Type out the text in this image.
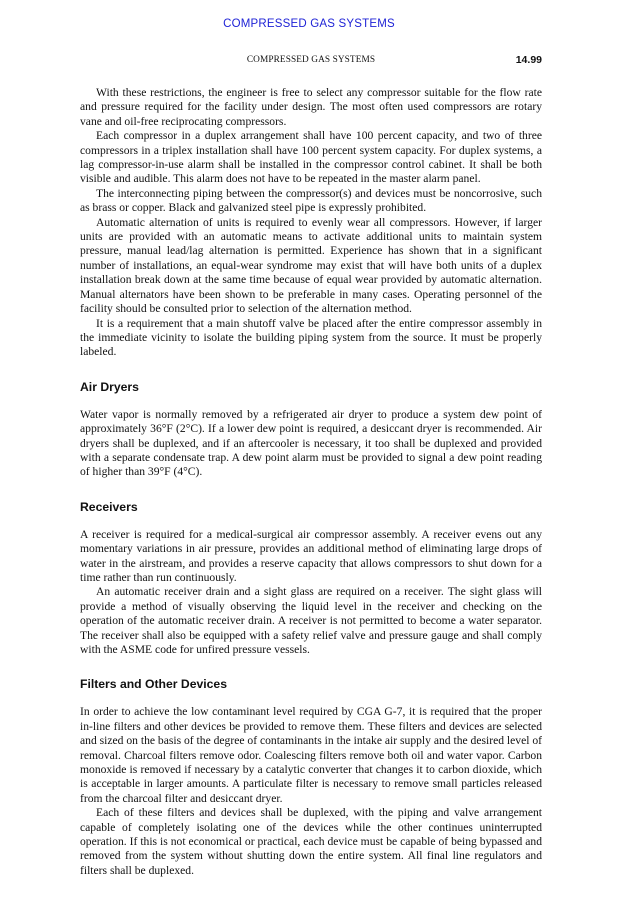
COMPRESSED GAS SYSTEMS
COMPRESSED GAS SYSTEMS	14.99

With these restrictions, the engineer is free to select any compressor suitable for the flow rate and pressure required for the facility under design. The most often used compressors are rotary vane and oil-free reciprocating compressors.

Each compressor in a duplex arrangement shall have 100 percent capacity, and two of three compressors in a triplex installation shall have 100 percent system capacity. For duplex systems, a lag compressor-in-use alarm shall be installed in the compressor control cabinet. It shall be both visible and audible. This alarm does not have to be repeated in the master alarm panel.

The interconnecting piping between the compressor(s) and devices must be noncorrosive, such as brass or copper. Black and galvanized steel pipe is expressly prohibited.

Automatic alternation of units is required to evenly wear all compressors. However, if larger units are provided with an automatic means to activate additional units to maintain system pressure, manual lead/lag alternation is permitted. Experience has shown that in a significant number of installations, an equal-wear syndrome may exist that will have both units of a duplex installation break down at the same time because of equal wear provided by automatic alternation. Manual alternators have been shown to be preferable in many cases. Operating personnel of the facility should be consulted prior to selection of the alternation method.

It is a requirement that a main shutoff valve be placed after the entire compressor assembly in the immediate vicinity to isolate the building piping system from the source. It must be properly labeled.

Air Dryers

Water vapor is normally removed by a refrigerated air dryer to produce a system dew point of approximately 36°F (2°C). If a lower dew point is required, a desiccant dryer is recommended. Air dryers shall be duplexed, and if an aftercooler is necessary, it too shall be duplexed and provided with a separate condensate trap. A dew point alarm must be provided to signal a dew point reading of higher than 39°F (4°C).

Receivers

A receiver is required for a medical-surgical air compressor assembly. A receiver evens out any momentary variations in air pressure, provides an additional method of eliminating large drops of water in the airstream, and provides a reserve capacity that allows compressors to shut down for a time rather than run continuously.

An automatic receiver drain and a sight glass are required on a receiver. The sight glass will provide a method of visually observing the liquid level in the receiver and checking on the operation of the automatic receiver drain. A receiver is not permitted to become a water separator. The receiver shall also be equipped with a safety relief valve and pressure gauge and shall comply with the ASME code for unfired pressure vessels.

Filters and Other Devices

In order to achieve the low contaminant level required by CGA G-7, it is required that the proper in-line filters and other devices be provided to remove them. These filters and devices are selected and sized on the basis of the degree of contaminants in the intake air supply and the desired level of removal. Charcoal filters remove odor. Coalescing filters remove both oil and water vapor. Carbon monoxide is removed if necessary by a catalytic converter that changes it to carbon dioxide, which is acceptable in larger amounts. A particulate filter is necessary to remove small particles released from the charcoal filter and desiccant dryer.

Each of these filters and devices shall be duplexed, with the piping and valve arrangement capable of completely isolating one of the devices while the other continues uninterrupted operation. If this is not economical or practical, each device must be capable of being bypassed and removed from the system without shutting down the entire system. All final line regulators and filters shall be duplexed.
